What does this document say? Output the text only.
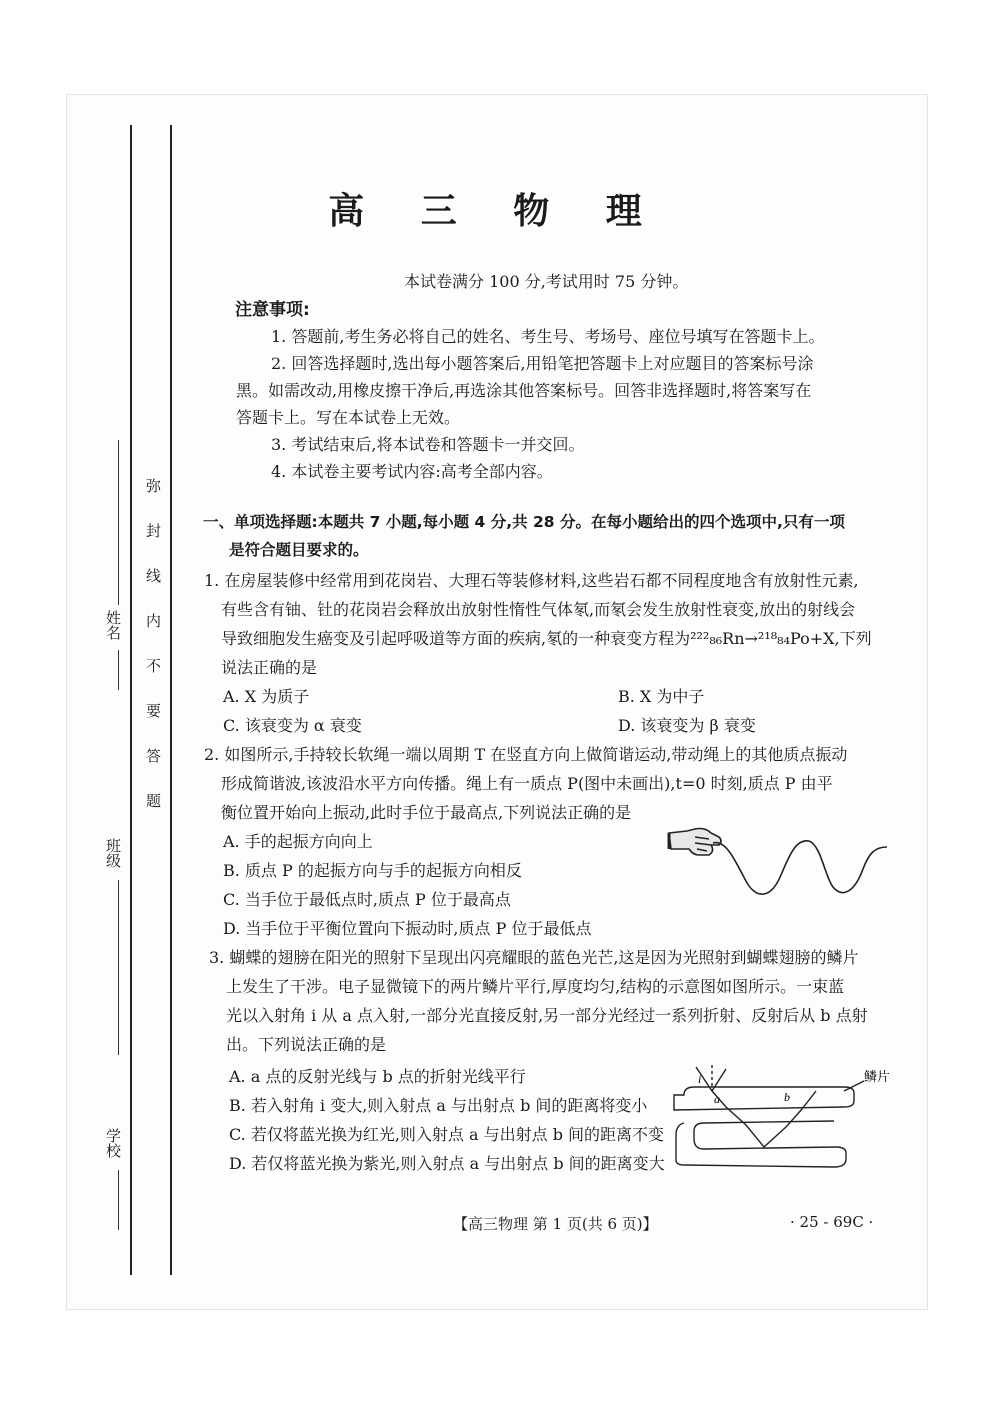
弥封线内不要答题
姓名
班级
学校
高 三 物 理
本试卷满分 100 分,考试用时 75 分钟。
注意事项:
1. 答题前,考生务必将自己的姓名、考生号、考场号、座位号填写在答题卡上。
2. 回答选择题时,选出每小题答案后,用铅笔把答题卡上对应题目的答案标号涂
黑。如需改动,用橡皮擦干净后,再选涂其他答案标号。回答非选择题时,将答案写在
答题卡上。写在本试卷上无效。
3. 考试结束后,将本试卷和答题卡一并交回。
4. 本试卷主要考试内容:高考全部内容。
一、单项选择题:本题共 7 小题,每小题 4 分,共 28 分。在每小题给出的四个选项中,只有一项
是符合题目要求的。
1. 在房屋装修中经常用到花岗岩、大理石等装修材料,这些岩石都不同程度地含有放射性元素,
有些含有铀、钍的花岗岩会释放出放射性惰性气体氡,而氡会发生放射性衰变,放出的射线会
导致细胞发生癌变及引起呼吸道等方面的疾病,氡的一种衰变方程为²²²₈₆Rn→²¹⁸₈₄Po+X,下列
说法正确的是
A. X 为质子	B. X 为中子
C. 该衰变为 α 衰变	D. 该衰变为 β 衰变
2. 如图所示,手持较长软绳一端以周期 T 在竖直方向上做简谐运动,带动绳上的其他质点振动
形成简谐波,该波沿水平方向传播。绳上有一质点 P(图中未画出),t=0 时刻,质点 P 由平
衡位置开始向上振动,此时手位于最高点,下列说法正确的是
A. 手的起振方向向上
B. 质点 P 的起振方向与手的起振方向相反
C. 当手位于最低点时,质点 P 位于最高点
D. 当手位于平衡位置向下振动时,质点 P 位于最低点
3. 蝴蝶的翅膀在阳光的照射下呈现出闪亮耀眼的蓝色光芒,这是因为光照射到蝴蝶翅膀的鳞片
上发生了干涉。电子显微镜下的两片鳞片平行,厚度均匀,结构的示意图如图所示。一束蓝
光以入射角 i 从 a 点入射,一部分光直接反射,另一部分光经过一系列折射、反射后从 b 点射
出。下列说法正确的是
A. a 点的反射光线与 b 点的折射光线平行
B. 若入射角 i 变大,则入射点 a 与出射点 b 间的距离将变小
C. 若仅将蓝光换为红光,则入射点 a 与出射点 b 间的距离不变
D. 若仅将蓝光换为紫光,则入射点 a 与出射点 b 间的距离变大
i
a	b
鳞片
【高三物理 第 1 页(共 6 页)】	· 25 - 69C ·
